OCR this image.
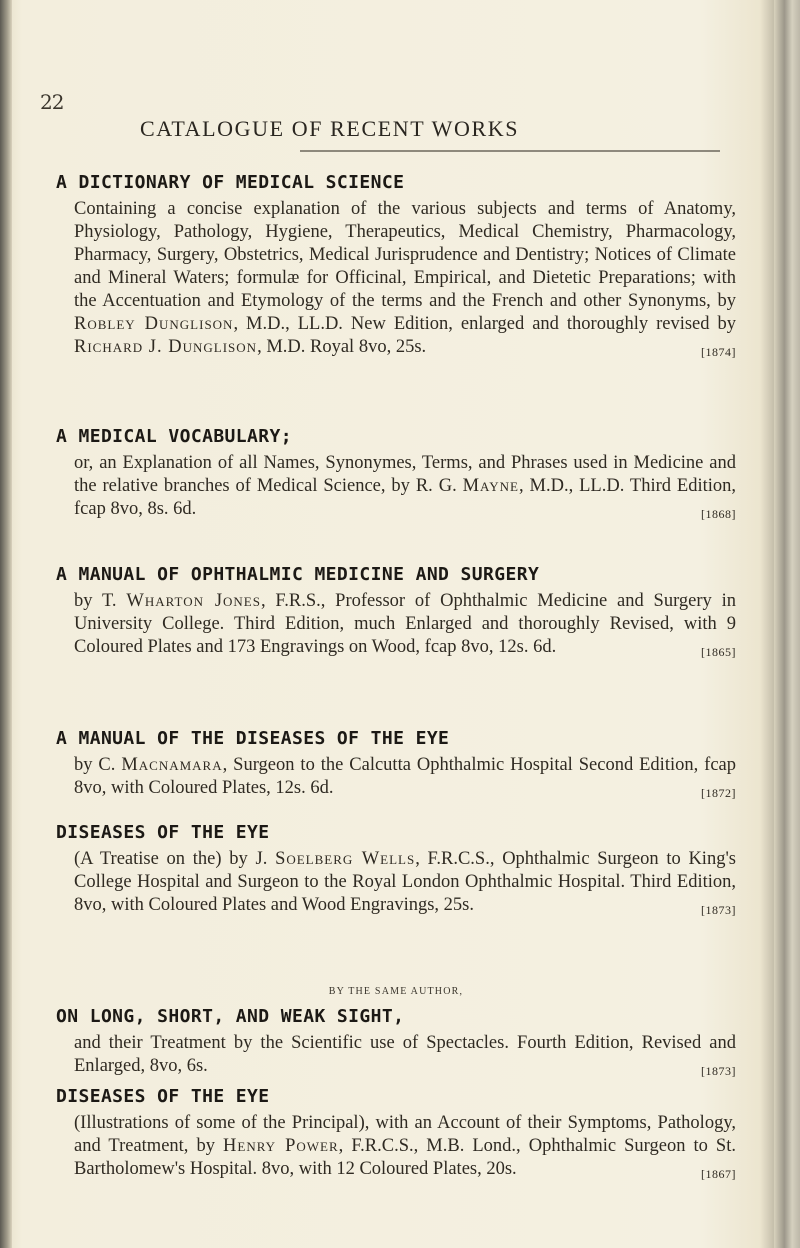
22
CATALOGUE OF RECENT WORKS
A DICTIONARY OF MEDICAL SCIENCE

Containing a concise explanation of the various subjects and terms of Anatomy, Physiology, Pathology, Hygiene, Therapeutics, Medical Chemistry, Pharmacology, Pharmacy, Surgery, Obstetrics, Medical Jurisprudence and Dentistry; Notices of Climate and Mineral Waters; formulæ for Officinal, Empirical, and Dietetic Preparations; with the Accentuation and Etymology of the terms and the French and other Synonyms, by Robley Dunglison, M.D., LL.D. New Edition, enlarged and thoroughly revised by Richard J. Dunglison, M.D. Royal 8vo, 25s.	[1874]

A MEDICAL VOCABULARY;

or, an Explanation of all Names, Synonymes, Terms, and Phrases used in Medicine and the relative branches of Medical Science, by R. G. Mayne, M.D., LL.D. Third Edition, fcap 8vo, 8s. 6d.	[1868]

A MANUAL OF OPHTHALMIC MEDICINE AND SURGERY

by T. Wharton Jones, F.R.S., Professor of Ophthalmic Medicine and Surgery in University College. Third Edition, much Enlarged and thoroughly Revised, with 9 Coloured Plates and 173 Engravings on Wood, fcap 8vo, 12s. 6d.	[1865]

A MANUAL OF THE DISEASES OF THE EYE

by C. Macnamara, Surgeon to the Calcutta Ophthalmic Hospital Second Edition, fcap 8vo, with Coloured Plates, 12s. 6d.	[1872]

DISEASES OF THE EYE

(A Treatise on the) by J. Soelberg Wells, F.R.C.S., Ophthalmic Surgeon to King's College Hospital and Surgeon to the Royal London Ophthalmic Hospital. Third Edition, 8vo, with Coloured Plates and Wood Engravings, 25s.	[1873]

BY THE SAME AUTHOR,
ON LONG, SHORT, AND WEAK SIGHT,

and their Treatment by the Scientific use of Spectacles. Fourth Edition, Revised and Enlarged, 8vo, 6s.	[1873]

DISEASES OF THE EYE

(Illustrations of some of the Principal), with an Account of their Symptoms, Pathology, and Treatment, by Henry Power, F.R.C.S., M.B. Lond., Ophthalmic Surgeon to St. Bartholomew's Hospital. 8vo, with 12 Coloured Plates, 20s.	[1867]
